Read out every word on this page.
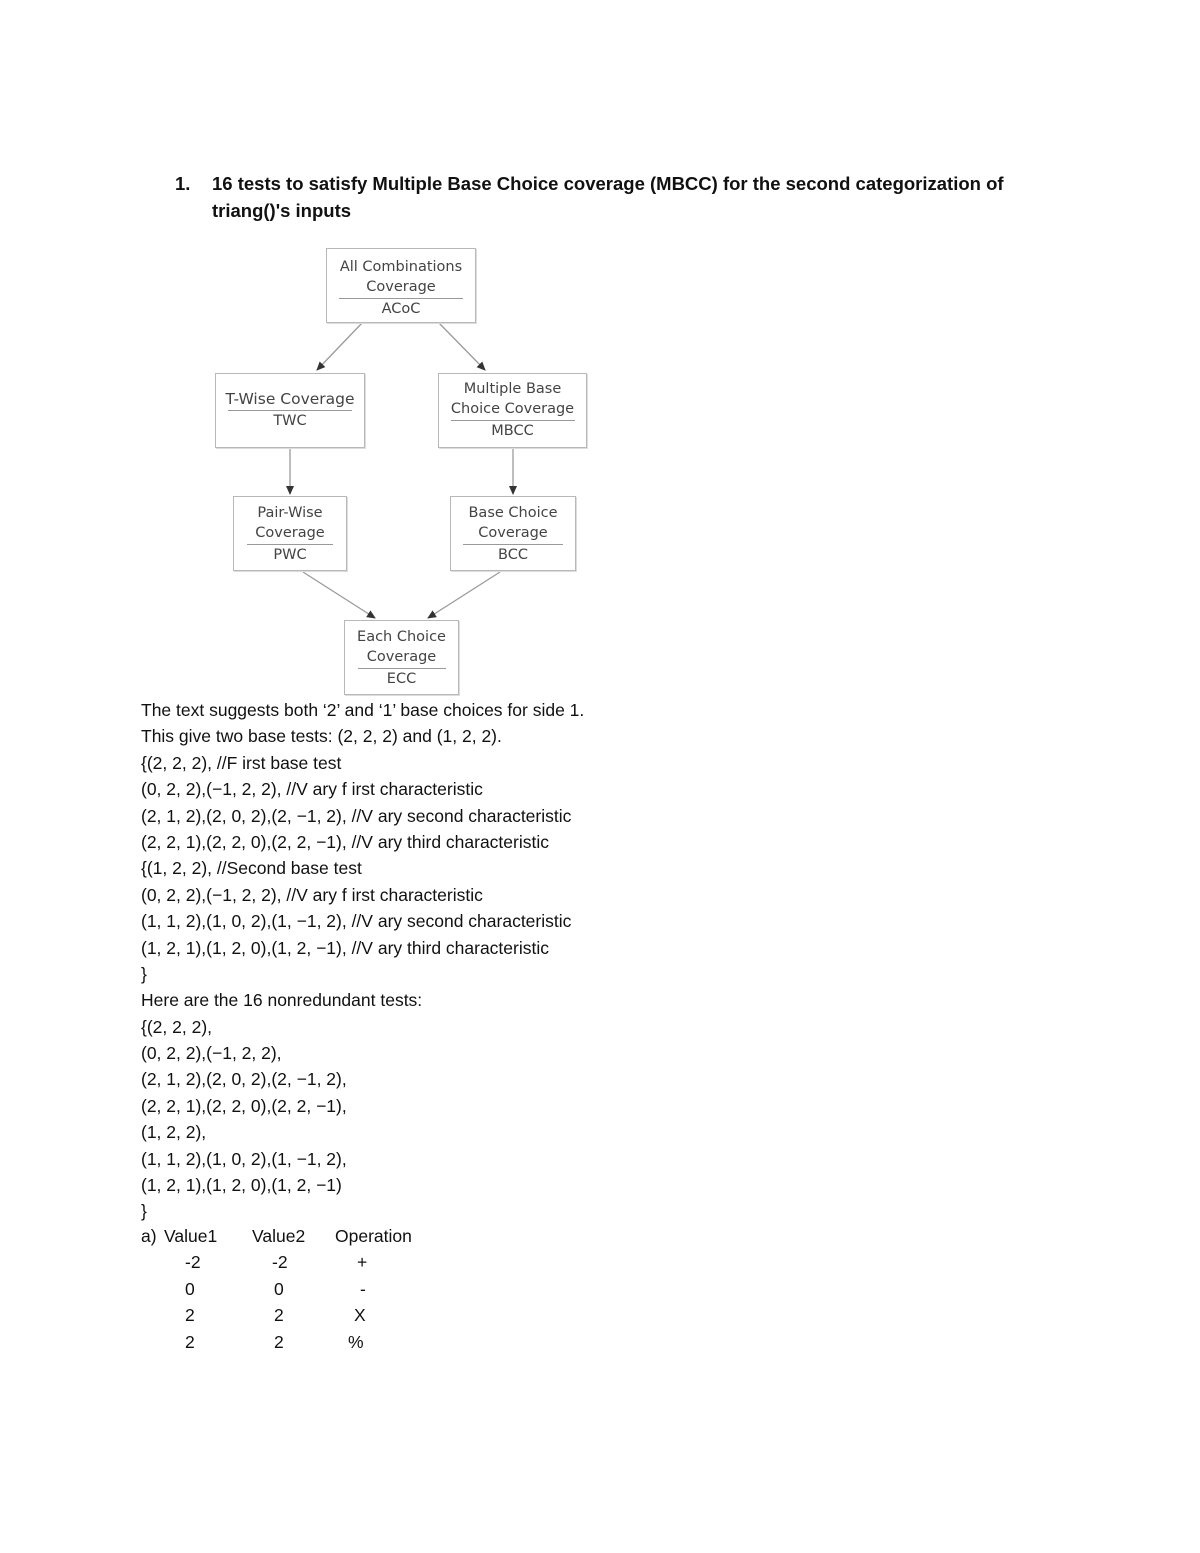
1. 16 tests to satisfy Multiple Base Choice coverage (MBCC) for the second categorization of triang()'s inputs
All Combinations
Coverage
ACoC
T-Wise Coverage
TWC
Multiple Base
Choice Coverage
MBCC
Pair-Wise
Coverage
PWC
Base Choice
Coverage
BCC
Each Choice
Coverage
ECC
The text suggests both ‘2’ and ‘1’ base choices for side 1.
This give two base tests: (2, 2, 2) and (1, 2, 2).
{(2, 2, 2), //F irst base test
(0, 2, 2),(−1, 2, 2), //V ary f irst characteristic
(2, 1, 2),(2, 0, 2),(2, −1, 2), //V ary second characteristic
(2, 2, 1),(2, 2, 0),(2, 2, −1), //V ary third characteristic
{(1, 2, 2), //Second base test
(0, 2, 2),(−1, 2, 2), //V ary f irst characteristic
(1, 1, 2),(1, 0, 2),(1, −1, 2), //V ary second characteristic
(1, 2, 1),(1, 2, 0),(1, 2, −1), //V ary third characteristic
}
Here are the 16 nonredundant tests:
{(2, 2, 2),
(0, 2, 2),(−1, 2, 2),
(2, 1, 2),(2, 0, 2),(2, −1, 2),
(2, 2, 1),(2, 2, 0),(2, 2, −1),
(1, 2, 2),
(1, 1, 2),(1, 0, 2),(1, −1, 2),
(1, 2, 1),(1, 2, 0),(1, 2, −1)
}
a) Value1 Value2 Operation
-2	-2	+
0	0	-
2	2	X
2	2	%
